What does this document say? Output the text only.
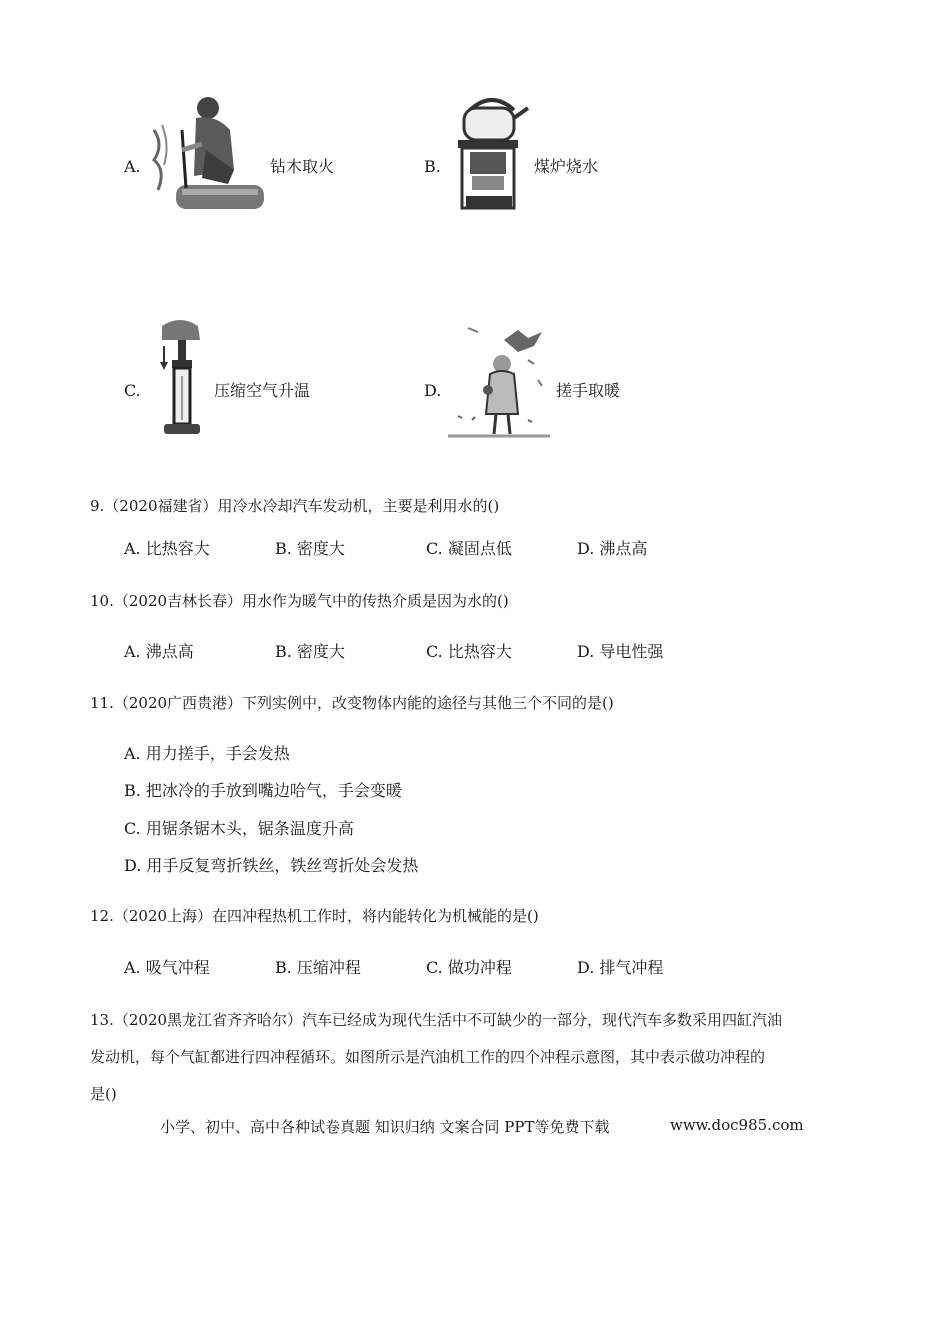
A.	钻木取火	B.	煤炉烧水
C.	压缩空气升温	D.	搓手取暖
9.（2020福建省）用冷水冷却汽车发动机，主要是利用水的()
A. 比热容大	B. 密度大	C. 凝固点低	D. 沸点高
10.（2020吉林长春）用水作为暖气中的传热介质是因为水的()
A. 沸点高	B. 密度大	C. 比热容大	D. 导电性强
11.（2020广西贵港）下列实例中，改变物体内能的途径与其他三个不同的是()
A. 用力搓手，手会发热
B. 把冰冷的手放到嘴边哈气，手会变暖
C. 用锯条锯木头，锯条温度升高
D. 用手反复弯折铁丝，铁丝弯折处会发热
12.（2020上海）在四冲程热机工作时，将内能转化为机械能的是()
A. 吸气冲程	B. 压缩冲程	C. 做功冲程	D. 排气冲程
13.（2020黑龙江省齐齐哈尔）汽车已经成为现代生活中不可缺少的一部分，现代汽车多数采用四缸汽油
发动机，每个气缸都进行四冲程循环。如图所示是汽油机工作的四个冲程示意图，其中表示做功冲程的
是()
小学、初中、高中各种试卷真题 知识归纳 文案合同 PPT等免费下载	www.doc985.com
